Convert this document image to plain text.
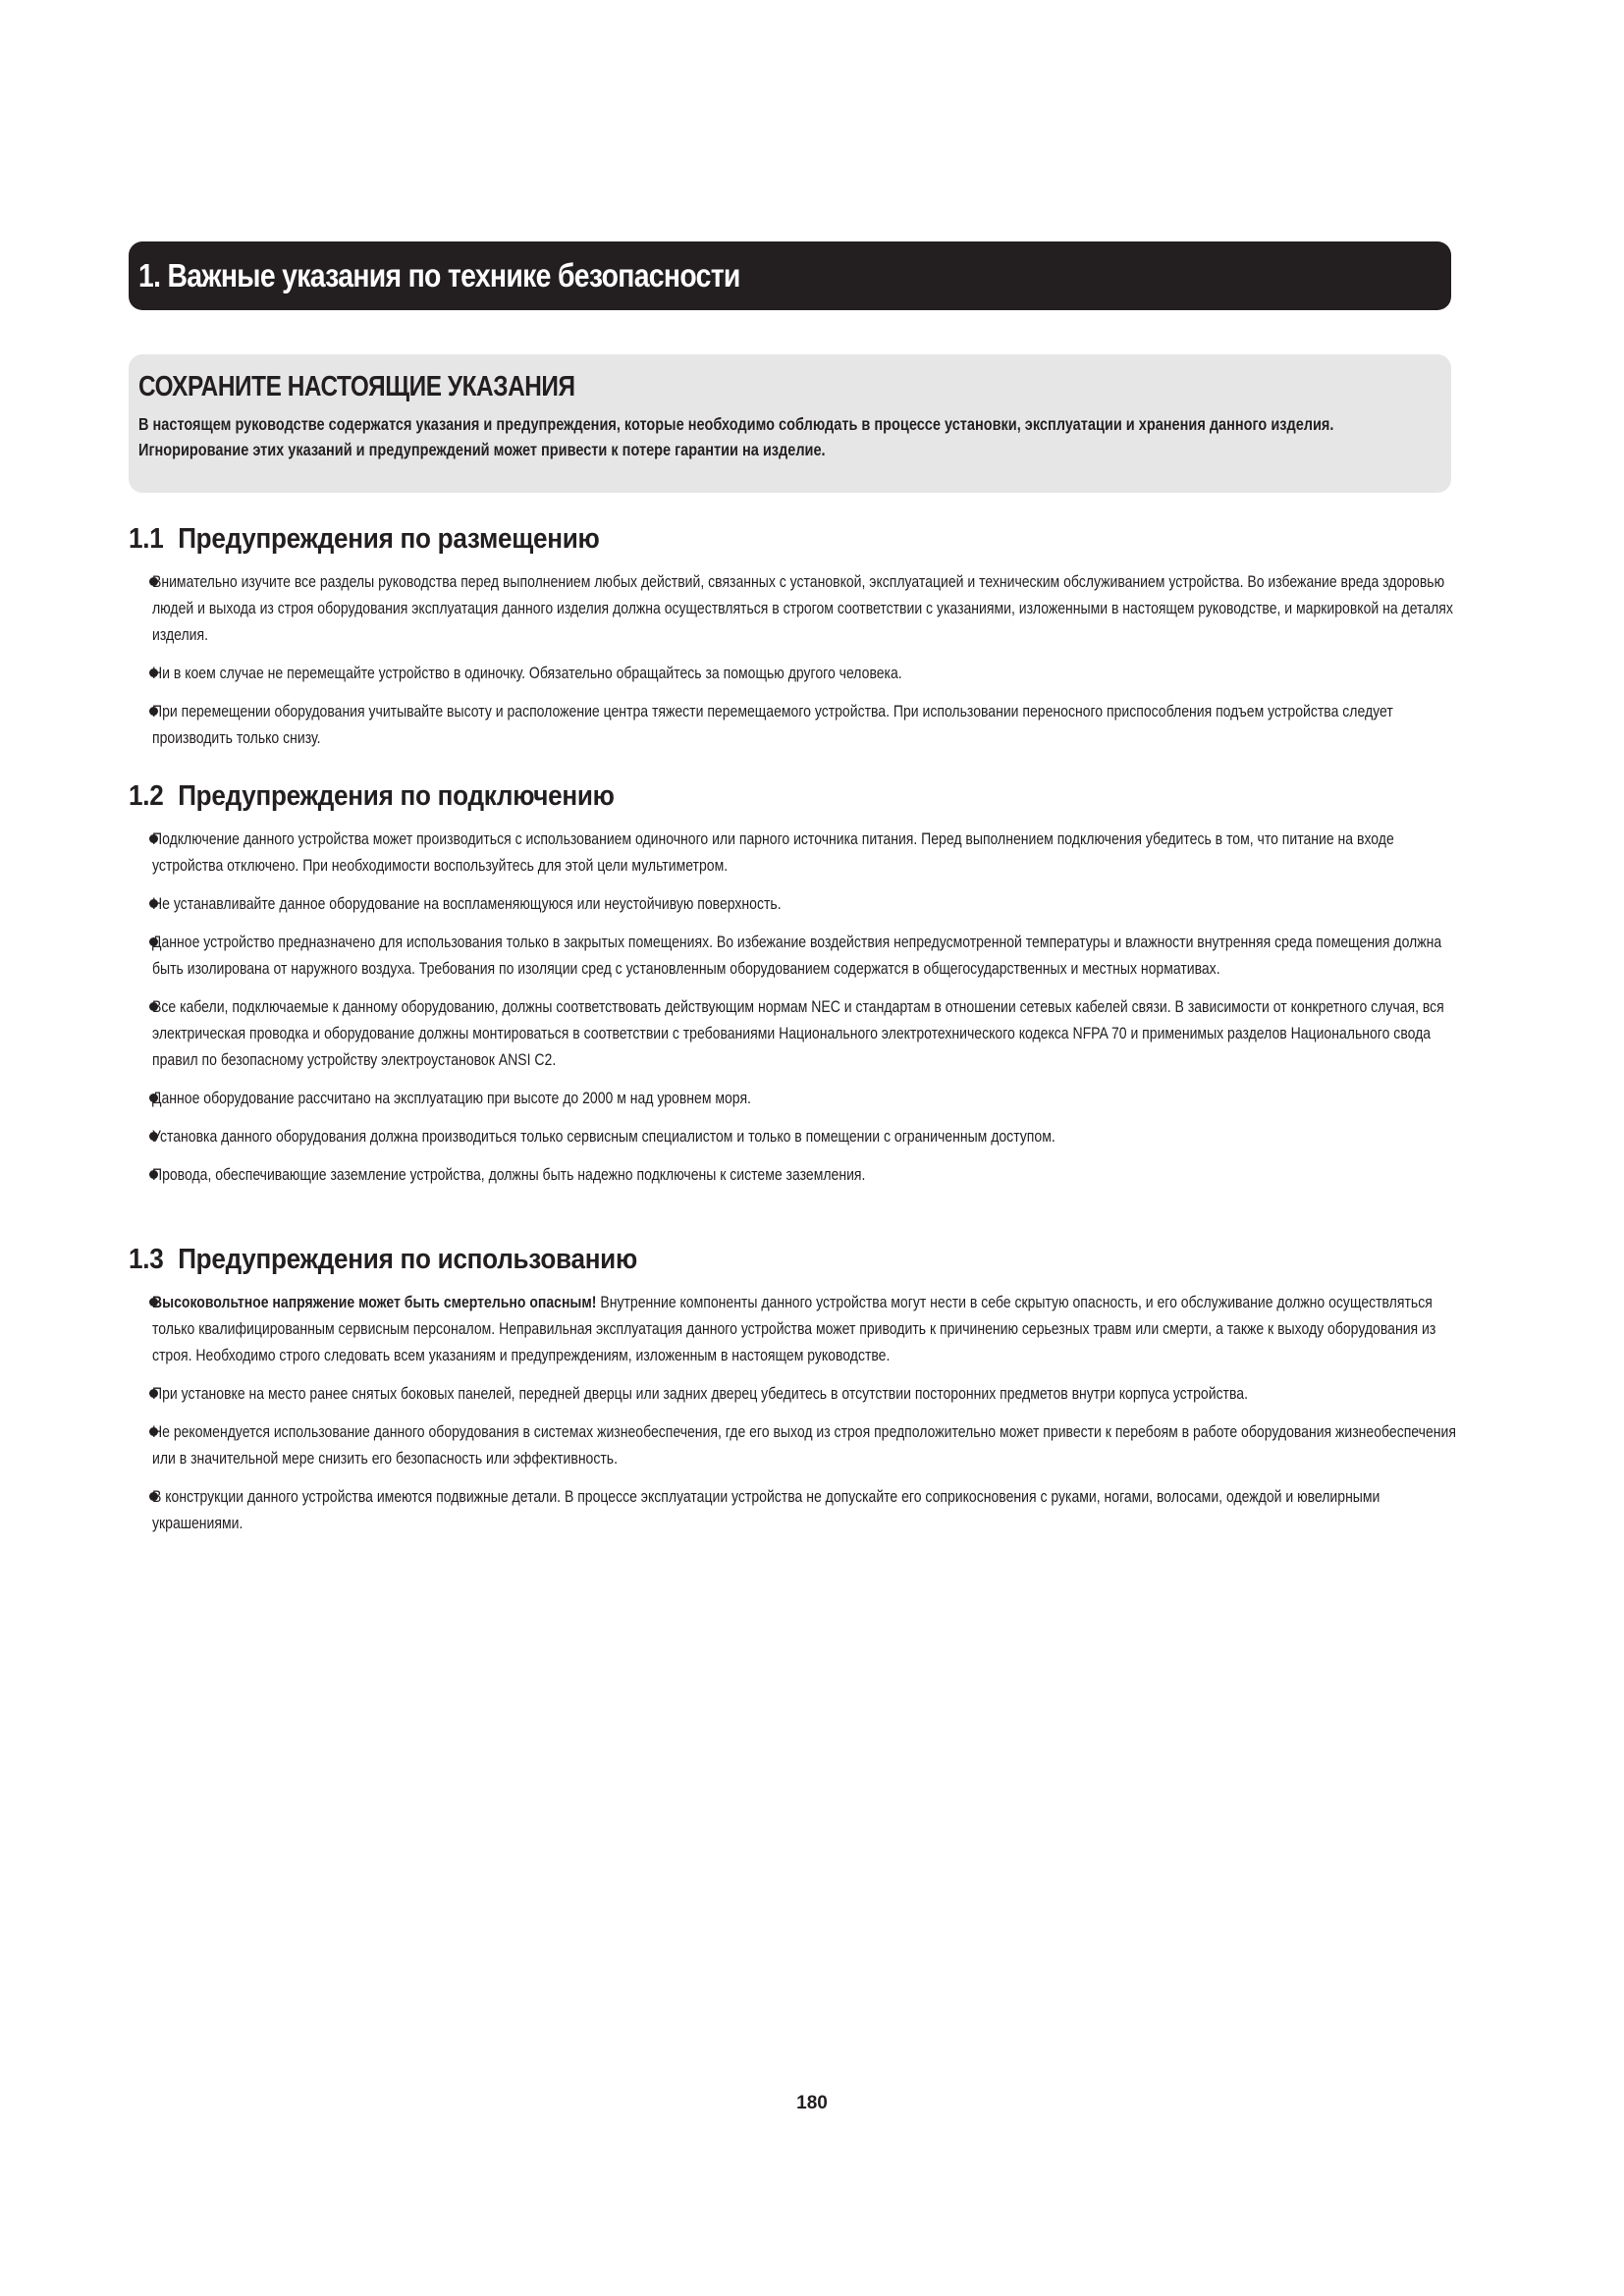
1. Важные указания по технике безопасности
СОХРАНИТЕ НАСТОЯЩИЕ УКАЗАНИЯ

В настоящем руководстве содержатся указания и предупреждения, которые необходимо соблюдать в процессе установки, эксплуатации и хранения данного изделия. Игнорирование этих указаний и предупреждений может привести к потере гарантии на изделие.

1.1 Предупреждения по размещению
Внимательно изучите все разделы руководства перед выполнением любых действий, связанных с установкой, эксплуатацией и техническим обслуживанием устройства. Во избежание вреда здоровью людей и выхода из строя оборудования эксплуатация данного изделия должна осуществляться в строгом соответствии с указаниями, изложенными в настоящем руководстве, и маркировкой на деталях изделия.
Ни в коем случае не перемещайте устройство в одиночку. Обязательно обращайтесь за помощью другого человека.
При перемещении оборудования учитывайте высоту и расположение центра тяжести перемещаемого устройства. При использовании переносного приспособления подъем устройства следует производить только снизу.
1.2 Предупреждения по подключению
Подключение данного устройства может производиться с использованием одиночного или парного источника питания. Перед выполнением подключения убедитесь в том, что питание на входе устройства отключено. При необходимости воспользуйтесь для этой цели мультиметром.
Не устанавливайте данное оборудование на воспламеняющуюся или неустойчивую поверхность.
Данное устройство предназначено для использования только в закрытых помещениях. Во избежание воздействия непредусмотренной температуры и влажности внутренняя среда помещения должна быть изолирована от наружного воздуха. Требования по изоляции сред с установленным оборудованием содержатся в общегосударственных и местных нормативах.
Все кабели, подключаемые к данному оборудованию, должны соответствовать действующим нормам NEC и стандартам в отношении сетевых кабелей связи. В зависимости от конкретного случая, вся электрическая проводка и оборудование должны монтироваться в соответствии с требованиями Национального электротехнического кодекса NFPA 70 и применимых разделов Национального свода правил по безопасному устройству электроустановок ANSI C2.
Данное оборудование рассчитано на эксплуатацию при высоте до 2000 м над уровнем моря.
Установка данного оборудования должна производиться только сервисным специалистом и только в помещении с ограниченным доступом.
Провода, обеспечивающие заземление устройства, должны быть надежно подключены к системе заземления.
1.3 Предупреждения по использованию
Высоковольтное напряжение может быть смертельно опасным! Внутренние компоненты данного устройства могут нести в себе скрытую опасность, и его обслуживание должно осуществляться только квалифицированным сервисным персоналом. Неправильная эксплуатация данного устройства может приводить к причинению серьезных травм или смерти, а также к выходу оборудования из строя. Необходимо строго следовать всем указаниям и предупреждениям, изложенным в настоящем руководстве.
При установке на место ранее снятых боковых панелей, передней дверцы или задних дверец убедитесь в отсутствии посторонних предметов внутри корпуса устройства.
Не рекомендуется использование данного оборудования в системах жизнеобеспечения, где его выход из строя предположительно может привести к перебоям в работе оборудования жизнеобеспечения или в значительной мере снизить его безопасность или эффективность.
В конструкции данного устройства имеются подвижные детали. В процессе эксплуатации устройства не допускайте его соприкосновения с руками, ногами, волосами, одеждой и ювелирными украшениями.
180
